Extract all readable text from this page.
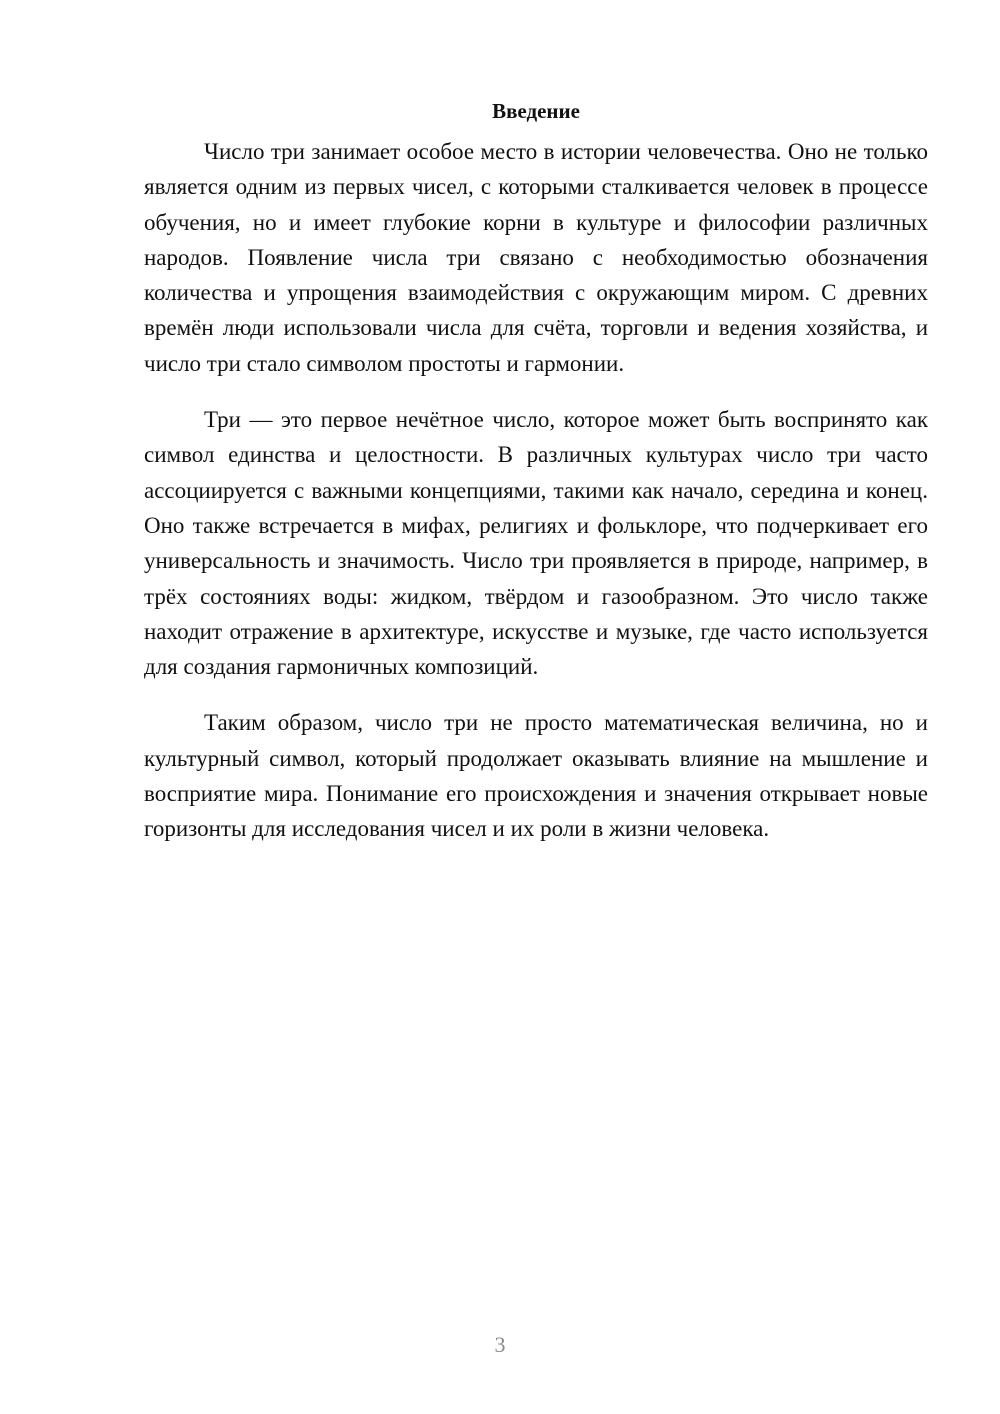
Введение

Число три занимает особое место в истории человечества. Оно не только является одним из первых чисел, с которыми сталкивается человек в процессе обучения, но и имеет глубокие корни в культуре и философии различных народов. Появление числа три связано с необходимостью обозначения количества и упрощения взаимодействия с окружающим миром. С древних времён люди использовали числа для счёта, торговли и ведения хозяйства, и число три стало символом простоты и гармонии.

Три — это первое нечётное число, которое может быть воспринято как символ единства и целостности. В различных культурах число три часто ассоциируется с важными концепциями, такими как начало, середина и конец. Оно также встречается в мифах, религиях и фольклоре, что подчеркивает его универсальность и значимость. Число три проявляется в природе, например, в трёх состояниях воды: жидком, твёрдом и газообразном. Это число также находит отражение в архитектуре, искусстве и музыке, где часто используется для создания гармоничных композиций.

Таким образом, число три не просто математическая величина, но и культурный символ, который продолжает оказывать влияние на мышление и восприятие мира. Понимание его происхождения и значения открывает новые горизонты для исследования чисел и их роли в жизни человека.

3
